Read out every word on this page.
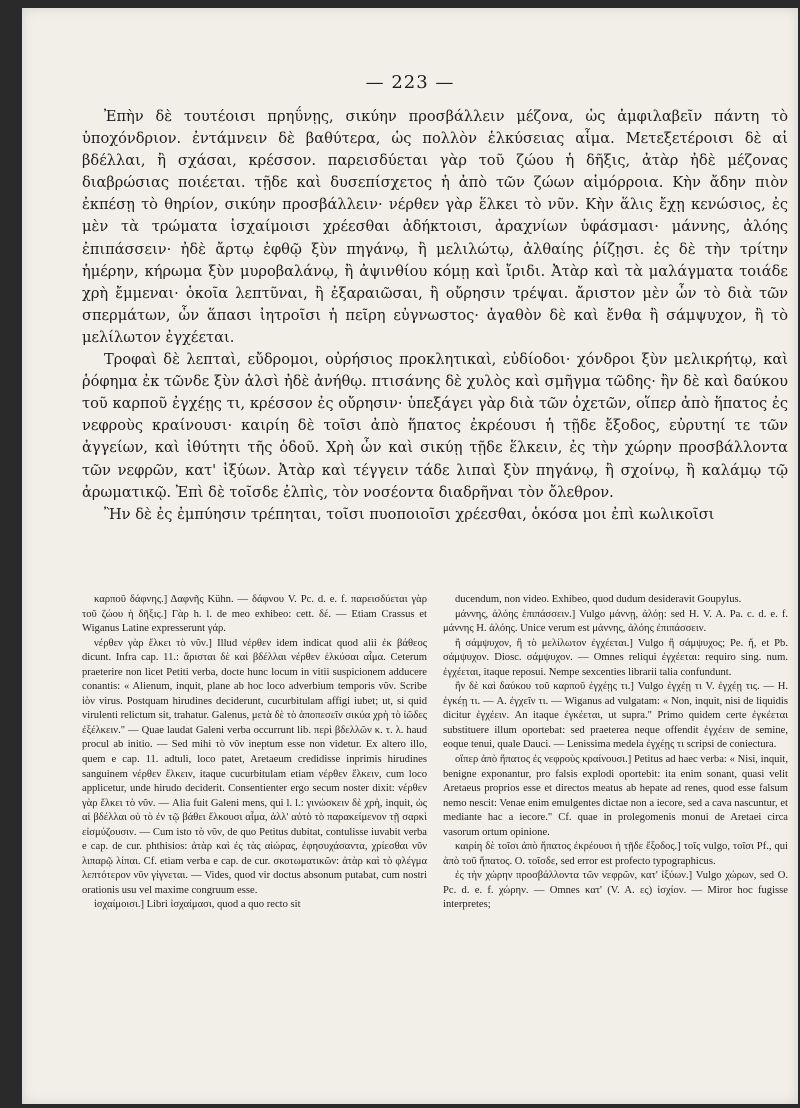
— 223 —

Ἐπὴν δὲ τουτέοισι πρηΰνῃς, σικύην προσβάλλειν μέζονα, ὡς ἀμφιλαβεῖν πάντη τὸ ὑποχόνδριον. ἐντάμνειν δὲ βαθύτερα, ὡς πολλὸν ἑλκύσειας αἷμα. Μετεξετέροισι δὲ αἱ βδέλλαι, ἢ σχάσαι, κρέσσον. παρεισδύεται γὰρ τοῦ ζώου ἡ δῆξις, ἀτὰρ ἠδὲ μέζονας διαβρώσιας ποιέεται. τῇδε καὶ δυσεπίσχετος ἡ ἀπὸ τῶν ζώων αἱμόρροια. Κὴν ἄδην πιὸν ἐκπέσῃ τὸ θηρίον, σικύην προσβάλλειν· νέρθεν γὰρ ἕλκει τὸ νῦν. Κὴν ἅλις ἔχῃ κενώσιος, ἐς μὲν τὰ τρώματα ἰσχαίμοισι χρέεσθαι ἀδήκτοισι, ἀραχνίων ὑφάσμασι· μάννης, ἀλόης ἐπιπάσσειν· ἠδὲ ἄρτῳ ἐφθῷ ξὺν πηγάνῳ, ἢ μελιλώτῳ, ἀλθαίης ῥίζῃσι. ἐς δὲ τὴν τρίτην ἡμέρην, κήρωμα ξὺν μυροβαλάνῳ, ἢ ἀψινθίου κόμῃ καὶ ἴριδι. Ἀτὰρ καὶ τὰ μαλάγματα τοιάδε χρὴ ἔμμεναι· ὁκοῖα λεπτῦναι, ἢ ἐξαραιῶσαι, ἢ οὔρησιν τρέψαι. ἄριστον μὲν ὧν τὸ διὰ τῶν σπερμάτων, ὧν ἅπασι ἰητροῖσι ἡ πεῖρη εὐγνωστος· ἀγαθὸν δὲ καὶ ἔνθα ἢ σάμψυχον, ἢ τὸ μελίλωτον ἐγχέεται.

Τροφαὶ δὲ λεπταὶ, εὔδρομοι, οὐρήσιος προκλητικαὶ, εὐδίοδοι· χόνδροι ξὺν μελικρήτῳ, καὶ ῥόφημα ἐκ τῶνδε ξὺν ἁλσὶ ἠδὲ ἀνήθῳ. πτισάνης δὲ χυλὸς καὶ σμῆγμα τῶδης· ἢν δὲ καὶ δαύκου τοῦ καρποῦ ἐγχέῃς τι, κρέσσον ἐς οὔρησιν· ὑπεξάγει γὰρ διὰ τῶν ὀχετῶν, οἵπερ ἀπὸ ἥπατος ἐς νεφροὺς κραίνουσι· καιρίη δὲ τοῖσι ἀπὸ ἥπατος ἐκρέουσι ἡ τῇδε ἔξοδος, εὐρυτηί τε τῶν ἀγγείων, καὶ ἰθύτητι τῆς ὁδοῦ. Χρὴ ὧν καὶ σικύῃ τῇδε ἕλκειν, ἐς τὴν χώρην προσβάλλοντα τῶν νεφρῶν, κατ' ἰξύων. Ἀτὰρ καὶ τέγγειν τάδε λιπαὶ ξὺν πηγάνῳ, ἢ σχοίνῳ, ἢ καλάμῳ τῷ ἀρωματικῷ. Ἐπὶ δὲ τοῖσδε ἐλπὶς, τὸν νοσέοντα διαδρῆναι τὸν ὄλεθρον.

Ἢν δὲ ἐς ἐμπύησιν τρέπηται, τοῖσι πυοποιοῖσι χρέεσθαι, ὁκόσα μοι ἐπὶ κωλικοῖσι

καρποῦ δάφνης.] Δαφνῆς Kühn. — δάφνου V. Pc. d. e. f. παρεισδύεται γὰρ τοῦ ζώου ἡ δῆξις.] Γὰρ h. l. de meo exhibeo: cett. δέ. — Etiam Crassus et Wiganus Latine expresserunt γάρ.

νέρθεν γὰρ ἕλκει τὸ νῦν.] Illud νέρθεν idem indicat quod alii ἐκ βάθεος dicunt. Infra cap. 11.: ἄρισται δὲ καὶ βδέλλαι νέρθεν ἑλκύσαι αἷμα. Ceterum praeterire non licet Petiti verba, docte hunc locum in vitii suspicionem adducere conantis: « Alienum, inquit, plane ab hoc loco adverbium temporis νῦν. Scribe ἰὸν virus. Postquam hirudines deciderunt, cucurbitulam affigi iubet; ut, si quid virulenti relictum sit, trahatur. Galenus, μετὰ δὲ τὸ ἀποπεσεῖν σικύα χρὴ τὸ ἰῶδες ἐξέλκειν." — Quae laudat Galeni verba occurrunt lib. περὶ βδελλῶν κ. τ. λ. haud procul ab initio. — Sed mihi τὸ νῦν ineptum esse non videtur. Ex altero illo, quem e cap. 11. adtuli, loco patet, Aretaeum credidisse inprimis hirudines sanguinem νέρθεν ἕλκειν, itaque cucurbitulam etiam νέρθεν ἕλκειν, cum loco applicetur, unde hirudo deciderit. Consentienter ergo secum noster dixit: νέρθεν γὰρ ἕλκει τὸ νῦν. — Alia fuit Galeni mens, qui l. l.: γινώσκειν δὲ χρὴ, inquit, ὡς αἱ βδέλλαι οὐ τὸ ἐν τῷ βάθει ἕλκουσι αἷμα, ἀλλ' αὐτὸ τὸ παρακείμενον τῇ σαρκὶ εἰσμύζουσιν. — Cum isto τὸ νῦν, de quo Petitus dubitat, contulisse iuvabit verba e cap. de cur. phthisios: ἀτὰρ καὶ ἐς τὰς αἰώρας, ἐφησυχάσαντα, χρίεσθαι νῦν λιπαρῷ λίπαι. Cf. etiam verba e cap. de cur. σκοτωματικῶν: ἀτὰρ καὶ τὸ φλέγμα λεπτότερον νῦν γίγνεται. — Vides, quod vir doctus absonum putabat, cum nostri orationis usu vel maxime congruum esse.

ἰσχαίμοισι.] Libri ἰσχαίμασι, quod a quo recto sit

ducendum, non video. Exhibeo, quod dudum desideravit Goupylus.

μάννης, ἀλόης ἐπιπάσσειν.] Vulgo μάννῃ, ἀλόῃ: sed H. V. A. Pa. c. d. e. f. μάννης H. ἀλόης. Unice verum est μάννης, ἀλόης ἐπιπάσσειν.

ἢ σάμψυχον, ἢ τὸ μελίλωτον ἐγχέεται.] Vulgo ἢ σάμψυχος; Pe. ἤ, et Pb. σάμψυχον. Diosc. σάμψυχον. — Omnes reliqui ἐγχέεται: requiro sing. num. ἐγχέεται, itaque reposui. Nempe sexcenties librarii talia confundunt.

ἢν δὲ καὶ δαύκου τοῦ καρποῦ ἐγχέῃς τι.] Vulgo ἐγχέῃ τι V. ἐγχέῃ τις. — H. ἐγκέῃ τι. — A. ἐγχεῖν τι. — Wiganus ad vulgatam: « Non, inquit, nisi de liquidis dicitur ἐγχέειν. An itaque ἐγκέεται, ut supra." Primo quidem certe ἐγκέεται substituere illum oportebat: sed praeterea neque offendit ἐγχέειν de semine, eoque tenui, quale Dauci. — Lenissima medela ἐγχέῃς τι scripsi de coniectura.

οἵπερ ἀπὸ ἥπατος ἐς νεφροὺς κραίνουσι.] Petitus ad haec verba: « Nisi, inquit, benigne exponantur, pro falsis explodi oportebit: ita enim sonant, quasi velit Aretaeus proprios esse et directos meatus ab hepate ad renes, quod esse falsum nemo nescit: Venae enim emulgentes dictae non a iecore, sed a cava nascuntur, et mediante hac a iecore." Cf. quae in prolegomenis monui de Aretaei circa vasorum ortum opinione.

καιρίη δὲ τοῖσι ἀπὸ ἥπατος ἐκρέουσι ἡ τῇδε ἔξοδος.] τοῖς vulgo, τοῖσι Pf., qui ἀπὸ τοῦ ἥπατος. O. τοῖσδε, sed error est profecto typographicus.

ἐς τὴν χώρην προσβάλλοντα τῶν νεφρῶν, κατ' ἰξύων.] Vulgo χώρων, sed O. Pc. d. e. f. χώρην. — Omnes κατ' (V. A. ες) ἰσχίον. — Miror hoc fugisse interpretes;
